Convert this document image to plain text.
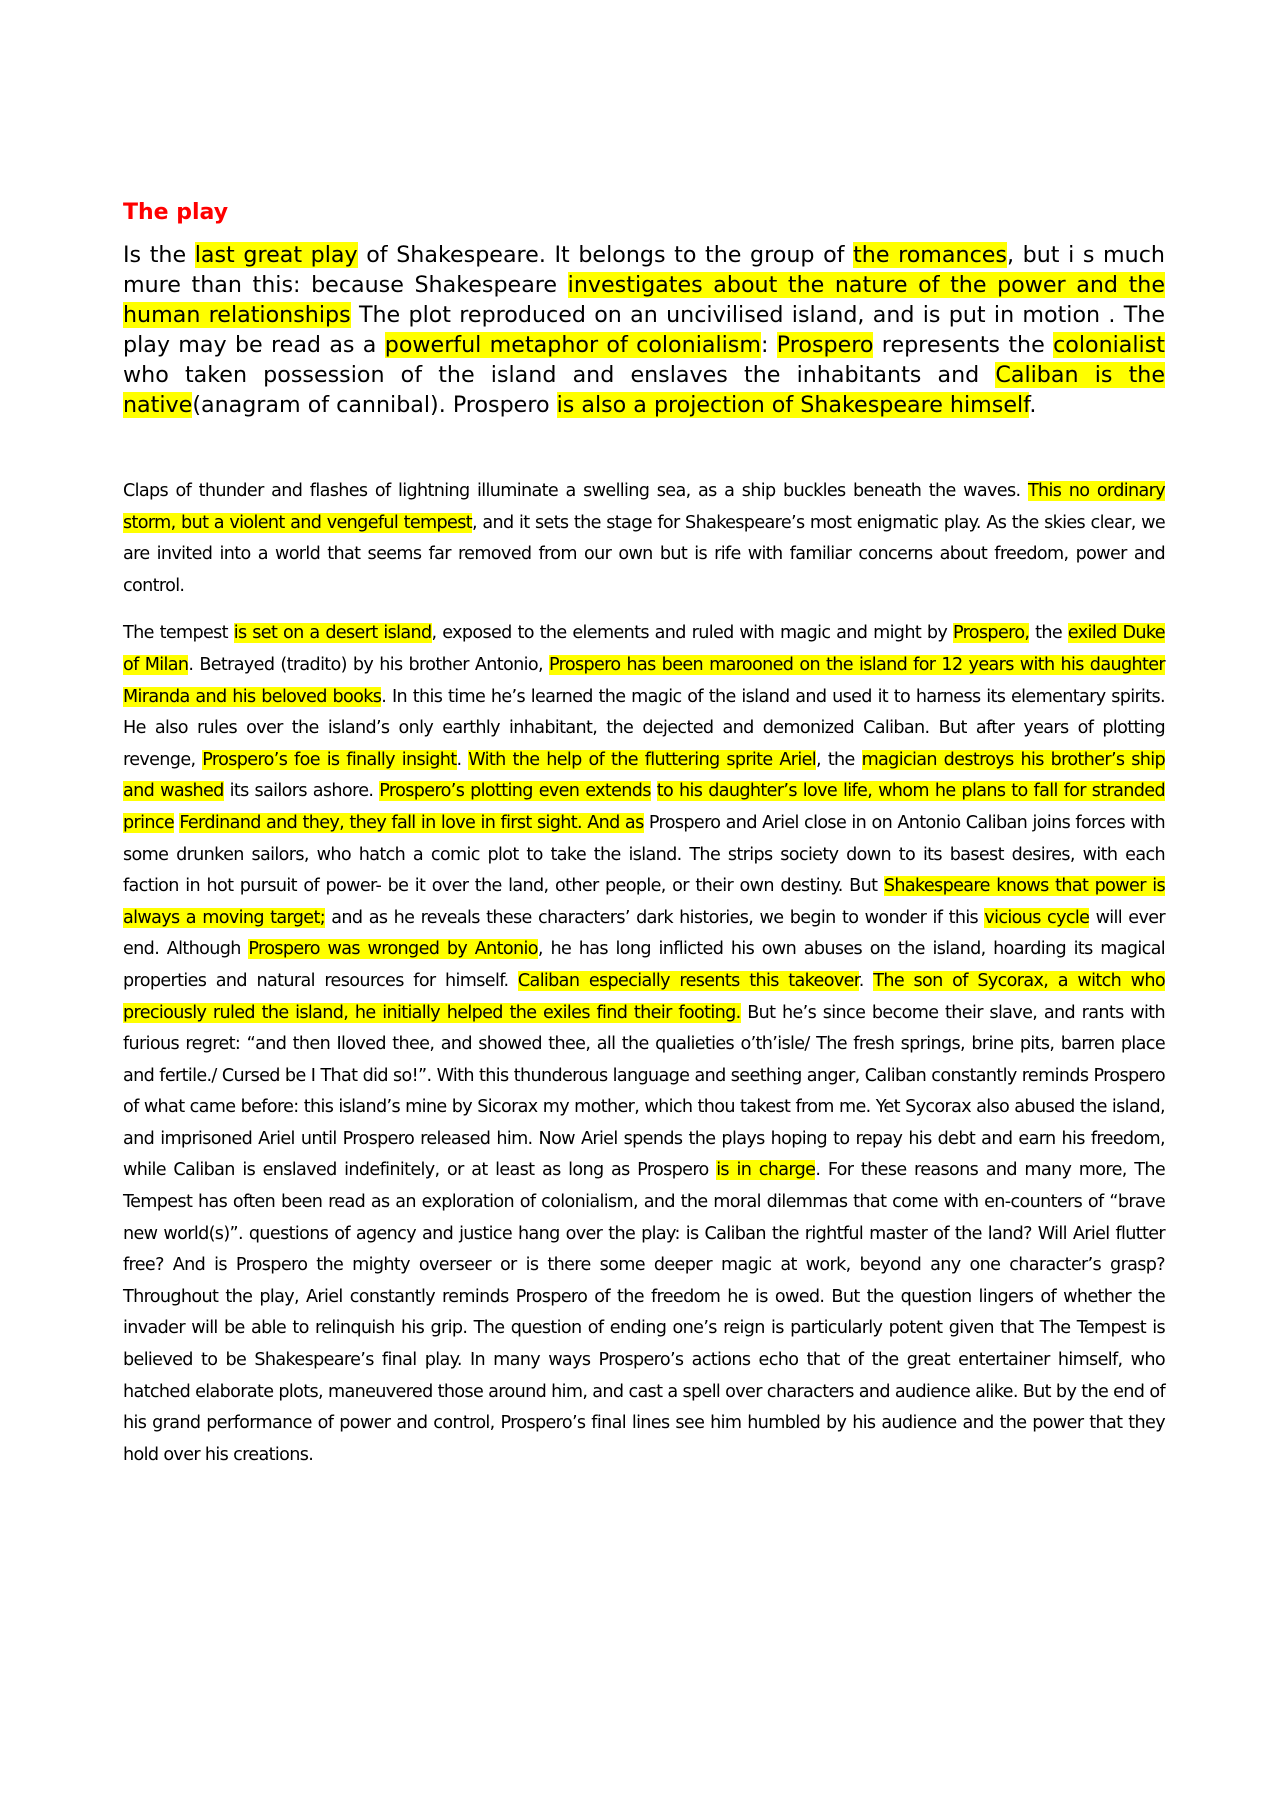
The play

Is the last great play of Shakespeare. It belongs to the group of the romances, but i s much mure than this: because Shakespeare investigates about the nature of the power and the human relationships The plot reproduced on an uncivilised island, and is put in motion . The play may be read as a powerful metaphor of colonialism: Prospero represents the colonialist who taken possession of the island and enslaves the inhabitants and Caliban is the native(anagram of cannibal). Prospero is also a projection of Shakespeare himself.

Claps of thunder and flashes of lightning illuminate a swelling sea, as a ship buckles beneath the waves. This no ordinary storm, but a violent and vengeful tempest, and it sets the stage for Shakespeare’s most enigmatic play. As the skies clear, we are invited into a world that seems far removed from our own but is rife with familiar concerns about freedom, power and control.

The tempest is set on a desert island, exposed to the elements and ruled with magic and might by Prospero, the exiled Duke of Milan. Betrayed (tradito) by his brother Antonio, Prospero has been marooned on the island for 12 years with his daughter Miranda and his beloved books. In this time he’s learned the magic of the island and used it to harness its elementary spirits. He also rules over the island’s only earthly inhabitant, the dejected and demonized Caliban. But after years of plotting revenge, Prospero’s foe is finally insight. With the help of the fluttering sprite Ariel, the magician destroys his brother’s ship and washed its sailors ashore. Prospero’s plotting even extends to his daughter’s love life, whom he plans to fall for stranded prince Ferdinand and they, they fall in love in first sight. And as Prospero and Ariel close in on Antonio Caliban joins forces with some drunken sailors, who hatch a comic plot to take the island. The strips society down to its basest desires, with each faction in hot pursuit of power- be it over the land, other people, or their own destiny. But Shakespeare knows that power is always a moving target; and as he reveals these characters’ dark histories, we begin to wonder if this vicious cycle will ever end. Although Prospero was wronged by Antonio, he has long inflicted his own abuses on the island, hoarding its magical properties and natural resources for himself. Caliban especially resents this takeover. The son of Sycorax, a witch who preciously ruled the island, he initially helped the exiles find their footing. But he’s since become their slave, and rants with furious regret: “and then Iloved thee, and showed thee, all the qualieties o’th’isle/ The fresh springs, brine pits, barren place and fertile./ Cursed be I That did so!”. With this thunderous language and seething anger, Caliban constantly reminds Prospero of what came before: this island’s mine by Sicorax my mother, which thou takest from me. Yet Sycorax also abused the island, and imprisoned Ariel until Prospero released him. Now Ariel spends the plays hoping to repay his debt and earn his freedom, while Caliban is enslaved indefinitely, or at least as long as Prospero is in charge. For these reasons and many more, The Tempest has often been read as an exploration of colonialism, and the moral dilemmas that come with en-counters of “brave new world(s)”. questions of agency and justice hang over the play: is Caliban the rightful master of the land? Will Ariel flutter free? And is Prospero the mighty overseer or is there some deeper magic at work, beyond any one character’s grasp? Throughout the play, Ariel constantly reminds Prospero of the freedom he is owed. But the question lingers of whether the invader will be able to relinquish his grip. The question of ending one’s reign is particularly potent given that The Tempest is believed to be Shakespeare’s final play. In many ways Prospero’s actions echo that of the great entertainer himself, who hatched elaborate plots, maneuvered those around him, and cast a spell over characters and audience alike. But by the end of his grand performance of power and control, Prospero’s final lines see him humbled by his audience and the power that they hold over his creations.
